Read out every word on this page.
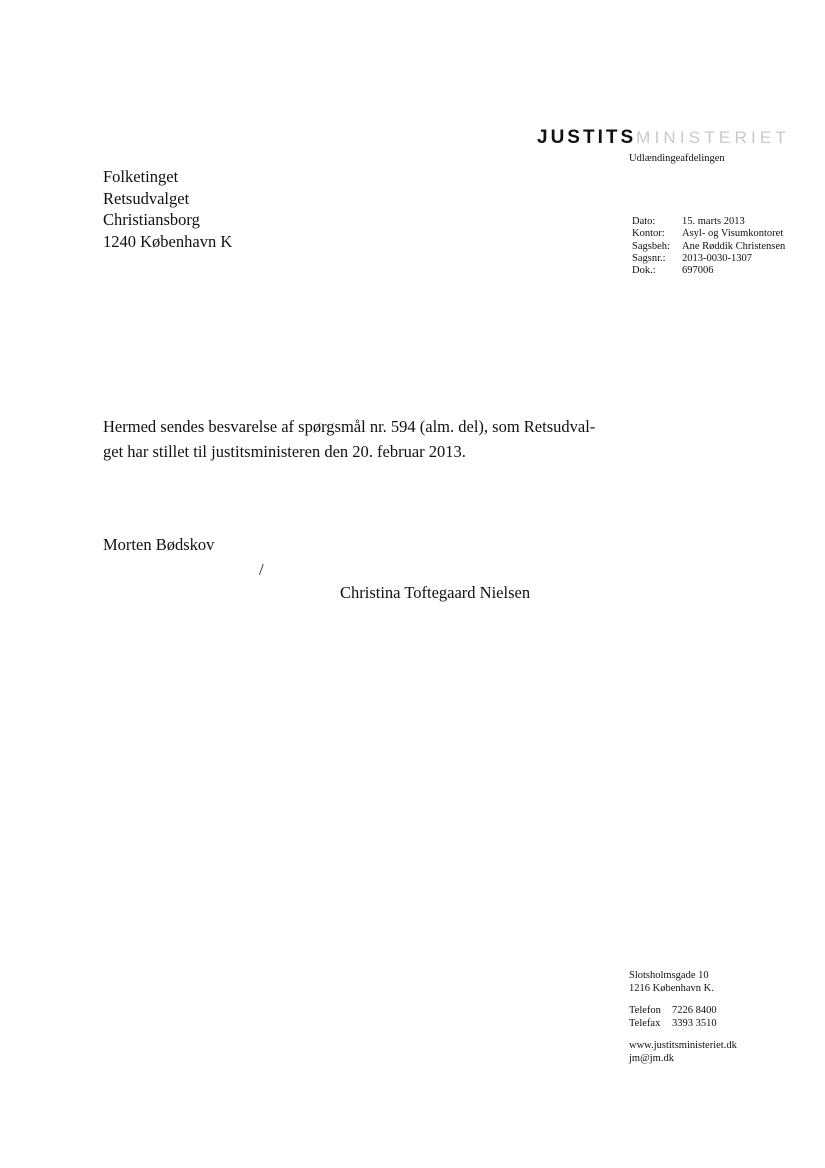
JUSTITSMINISTERIET
Udlændingeafdelingen
Folketinget
Retsudvalget
Christiansborg
1240 København K
Dato:	15. marts 2013
Kontor:	Asyl- og Visumkontoret
Sagsbeh:	Ane Røddik Christensen
Sagsnr.:	2013-0030-1307
Dok.:	697006
Hermed sendes besvarelse af spørgsmål nr. 594 (alm. del), som Retsudval-
get har stillet til justitsministeren den 20. februar 2013.
Morten Bødskov
/
Christina Toftegaard Nielsen
Slotsholmsgade 10
1216 København K.
Telefon	7226 8400
Telefax	3393 3510
www.justitsministeriet.dk
jm@jm.dk
